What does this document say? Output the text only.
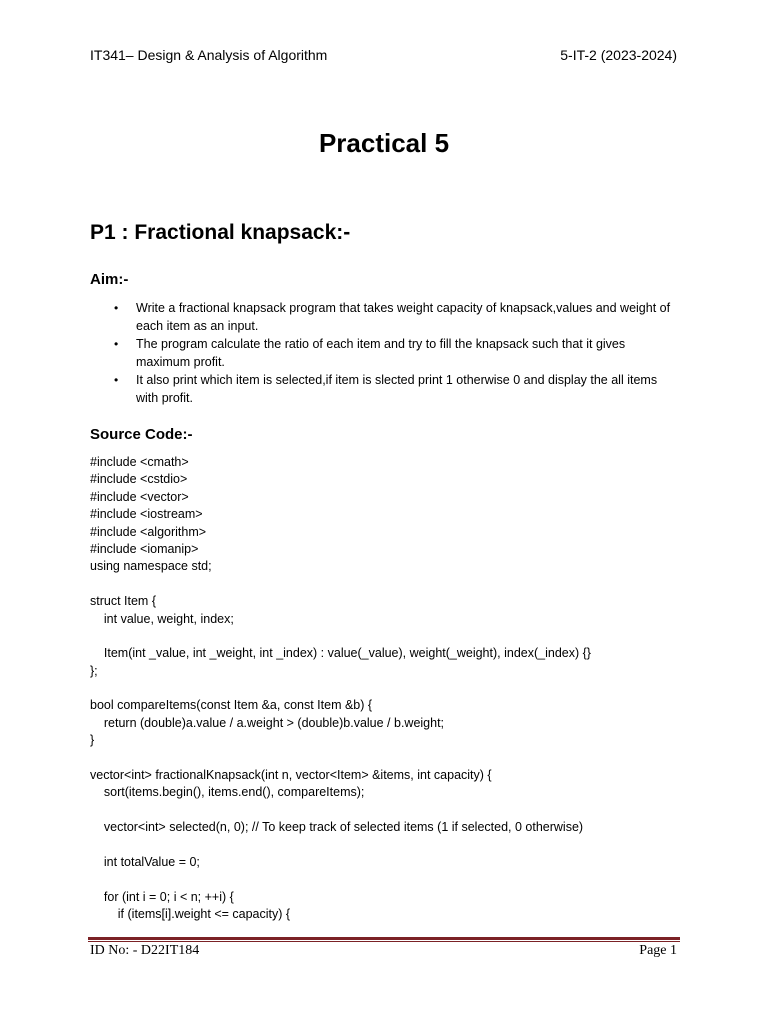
IT341– Design & Analysis of Algorithm	5-IT-2 (2023-2024)
Practical 5
P1 : Fractional knapsack:-
Aim:-
• Write a fractional knapsack program that takes weight capacity of knapsack,values and weight of each item as an input.
• The program calculate the ratio of each item and try to fill the knapsack such that it gives maximum profit.
• It also print which item is selected,if item is slected print 1 otherwise 0 and display the all items with profit.
Source Code:-
#include <cmath>
#include <cstdio>
#include <vector>
#include <iostream>
#include <algorithm>
#include <iomanip>
using namespace std;
struct Item {
int value, weight, index;
Item(int _value, int _weight, int _index) : value(_value), weight(_weight), index(_index) {}
};
bool compareItems(const Item &a, const Item &b) {
return (double)a.value / a.weight > (double)b.value / b.weight;
}
vector<int> fractionalKnapsack(int n, vector<Item> &items, int capacity) {
sort(items.begin(), items.end(), compareItems);
vector<int> selected(n, 0); // To keep track of selected items (1 if selected, 0 otherwise)
int totalValue = 0;
for (int i = 0; i < n; ++i) {
if (items[i].weight <= capacity) {
ID No: - D22IT184	Page 1
